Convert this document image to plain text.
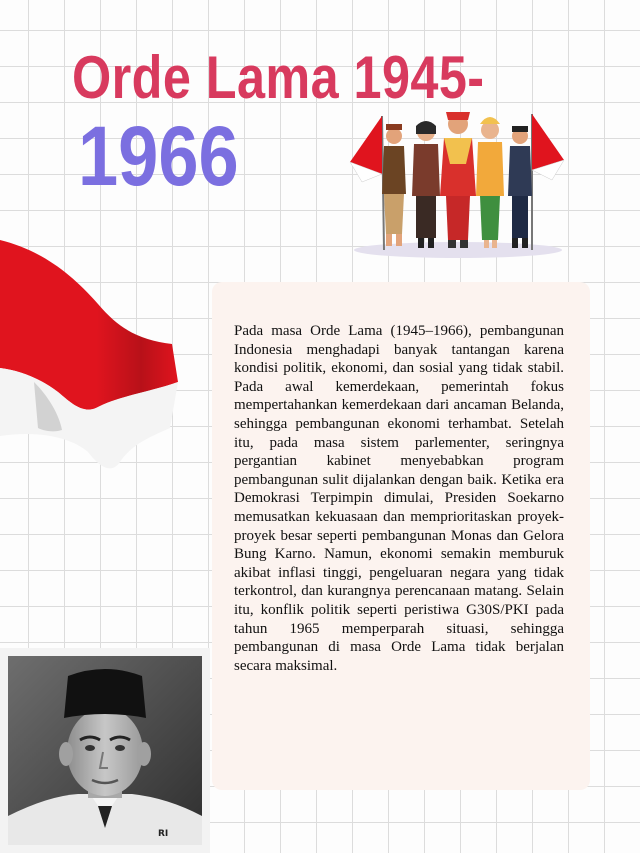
Orde Lama 1945-
1966

Pada masa Orde Lama (1945–1966), pembangunan Indonesia menghadapi banyak tantangan karena kondisi politik, ekonomi, dan sosial yang tidak stabil. Pada awal kemerdekaan, pemerintah fokus mempertahankan kemerdekaan dari ancaman Belanda, sehingga pembangunan ekonomi terhambat. Setelah itu, pada masa sistem parlementer, seringnya pergantian kabinet menyebabkan program pembangunan sulit dijalankan dengan baik. Ketika era Demokrasi Terpimpin dimulai, Presiden Soekarno memusatkan kekuasaan dan memprioritaskan proyek-proyek besar seperti pembangunan Monas dan Gelora Bung Karno. Namun, ekonomi semakin memburuk akibat inflasi tinggi, pengeluaran negara yang tidak terkontrol, dan kurangnya perencanaan matang. Selain itu, konflik politik seperti peristiwa G30S/PKI pada tahun 1965 memperparah situasi, sehingga pembangunan di masa Orde Lama tidak berjalan secara maksimal.

RI
